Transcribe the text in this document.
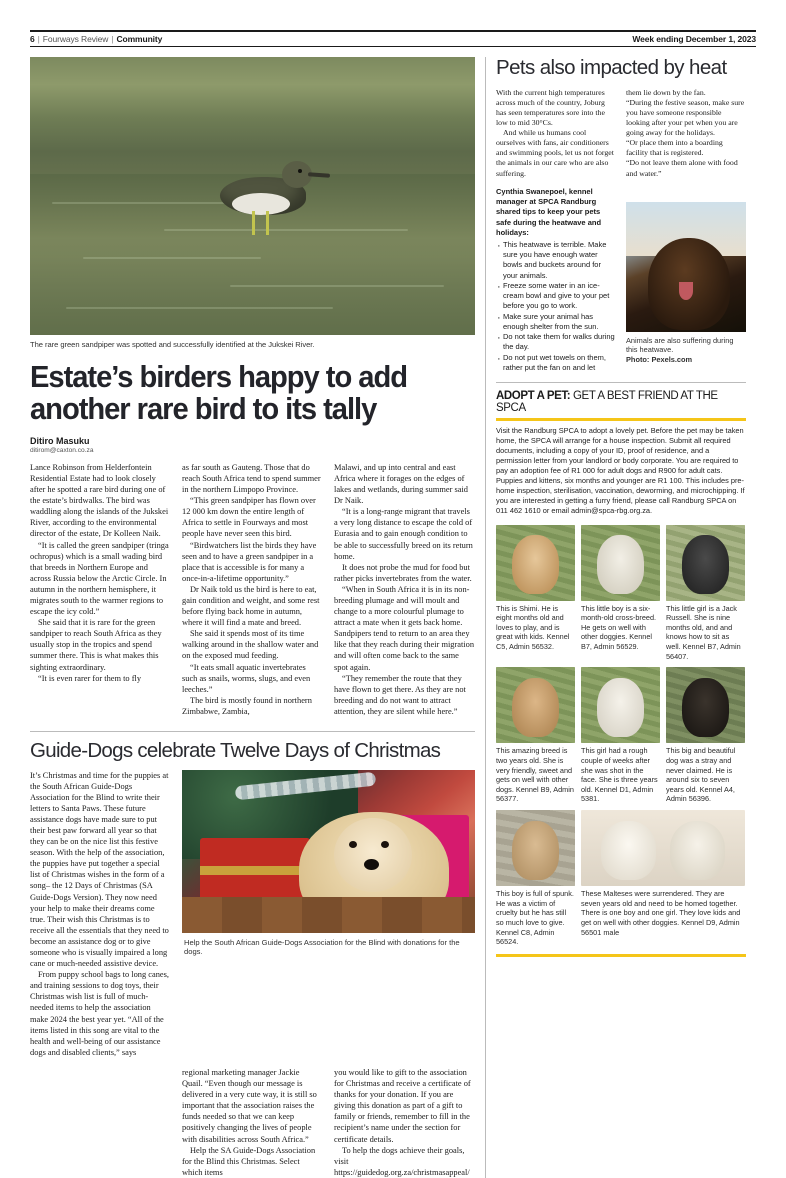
6 | Fourways Review | Community	Week ending December 1, 2023
The rare green sandpiper was spotted and successfully identified at the Jukskei River.
Estate’s birders happy to add another rare bird to its tally
Ditiro Masuku
ditirom@caxton.co.za

Lance Robinson from Helderfontein Residential Estate had to look closely after he spotted a rare bird during one of the estate’s birdwalks. The bird was waddling along the islands of the Jukskei River, according to the environmental director of the estate, Dr Kolleen Naik.

“It is called the green sandpiper (tringa ochropus) which is a small wading bird that breeds in Northern Europe and across Russia below the Arctic Circle. In autumn in the northern hemisphere, it migrates south to the warmer regions to escape the icy cold.”

She said that it is rare for the green sandpiper to reach South Africa as they usually stop in the tropics and spend summer there. This is what makes this sighting extraordinary.

“It is even rarer for them to fly

as far south as Gauteng. Those that do reach South Africa tend to spend summer in the northern Limpopo Province.

“This green sandpiper has flown over 12 000 km down the entire length of Africa to settle in Fourways and most people have never seen this bird.

“Birdwatchers list the birds they have seen and to have a green sandpiper in a place that is accessible is for many a once-in-a-lifetime opportunity.”

Dr Naik told us the bird is here to eat, gain condition and weight, and some rest before flying back home in autumn, where it will find a mate and breed.

She said it spends most of its time walking around in the shallow water and on the exposed mud feeding.

“It eats small aquatic invertebrates such as snails, worms, slugs, and even leeches.”

The bird is mostly found in northern Zimbabwe, Zambia,

Malawi, and up into central and east Africa where it forages on the edges of lakes and wetlands, during summer said Dr Naik.

“It is a long-range migrant that travels a very long distance to escape the cold of Eurasia and to gain enough condition to be able to successfully breed on its return home.

It does not probe the mud for food but rather picks invertebrates from the water.

“When in South Africa it is in its non-breeding plumage and will moult and change to a more colourful plumage to attract a mate when it gets back home. Sandpipers tend to return to an area they like that they reach during their migration and will often come back to the same spot again.

“They remember the route that they have flown to get there. As they are not breeding and do not want to attract attention, they are silent while here.”

Guide-Dogs celebrate Twelve Days of Christmas

It’s Christmas and time for the puppies at the South African Guide-Dogs Association for the Blind to write their letters to Santa Paws. These future assistance dogs have made sure to put their best paw forward all year so that they can be on the nice list this festive season. With the help of the association, the puppies have put together a special list of Christmas wishes in the form of a song– the 12 Days of Christmas (SA Guide-Dogs Version). They now need your help to make their dreams come true. Their wish this Christmas is to receive all the essentials that they need to become an assistance dog or to give someone who is visually impaired a long cane or much-needed assistive device.

From puppy school bags to long canes, and training sessions to dog toys, their Christmas wish list is full of much-needed items to help the association make 2024 the best year yet. “All of the items listed in this song are vital to the health and well-being of our assistance dogs and disabled clients,” says

Help the South African Guide-Dogs Association for the Blind with donations for the dogs.

regional marketing manager Jackie Quail. “Even though our message is delivered in a very cute way, it is still so important that the association raises the funds needed so that we can keep positively changing the lives of people with disabilities across South Africa.”

Help the SA Guide-Dogs Association for the Blind this Christmas. Select which items

you would like to gift to the association for Christmas and receive a certificate of thanks for your donation. If you are giving this donation as part of a gift to family or friends, remember to fill in the recipient’s name under the section for certificate details.

To help the dogs achieve their goals, visit https://guidedog.org.za/christmasappeal/

Pets also impacted by heat

With the current high temperatures across much of the country, Joburg has seen temperatures sore into the low to mid 30°Cs.

And while us humans cool ourselves with fans, air conditioners and swimming pools, let us not forget the animals in our care who are also suffering.

Cynthia Swanepoel, kennel manager at SPCA Randburg shared tips to keep your pets safe during the heatwave and holidays:
· This heatwave is terrible. Make sure you have enough water bowls and buckets around for your animals.
· Freeze some water in an ice-cream bowl and give to your pet before you go to work.
· Make sure your animal has enough shelter from the sun.
· Do not take them for walks during the day.
· Do not put wet towels on them, rather put the fan on and let

them lie down by the fan.

“During the festive season, make sure you have someone responsible looking after your pet when you are going away for the holidays.

“Or place them into a boarding facility that is registered.

“Do not leave them alone with food and water.”

Animals are also suffering during this heatwave.
Photo: Pexels.com
ADOPT A PET: GET A BEST FRIEND AT THE SPCA
Visit the Randburg SPCA to adopt a lovely pet. Before the pet may be taken home, the SPCA will arrange for a house inspection. Submit all required documents, including a copy of your ID, proof of residence, and a permission letter from your landlord or body corporate. You are required to pay an adoption fee of R1 000 for adult dogs and R900 for adult cats. Puppies and kittens, six months and younger are R1 100. This includes pre-home inspection, sterilisation, vaccination, deworming, and microchipping. If you are interested in getting a furry friend, please call Randburg SPCA on 011 462 1610 or email admin@spca-rbg.org.za.
This is Shimi. He is eight months old and loves to play, and is great with kids. Kennel C5, Admin 56532.
This little boy is a six-month-old cross-breed. He gets on well with other doggies. Kennel B7, Admin 56529.
This little girl is a Jack Russell. She is nine months old, and and knows how to sit as well. Kennel B7, Admin 56407.
This amazing breed is two years old. She is very friendly, sweet and gets on well with other dogs. Kennel B9, Admin 56377.
This girl had a rough couple of weeks after she was shot in the face. She is three years old. Kennel D1, Admin 5381.
This big and beautiful dog was a stray and never claimed. He is around six to seven years old. Kennel A4, Admin 56396.
This boy is full of spunk. He was a victim of cruelty but he has still so much love to give. Kennel C8, Admin 56524.
These Malteses were surrendered. They are seven years old and need to be homed together. There is one boy and one girl. They love kids and get on well with other doggies. Kennel D9, Admin 56501 male
